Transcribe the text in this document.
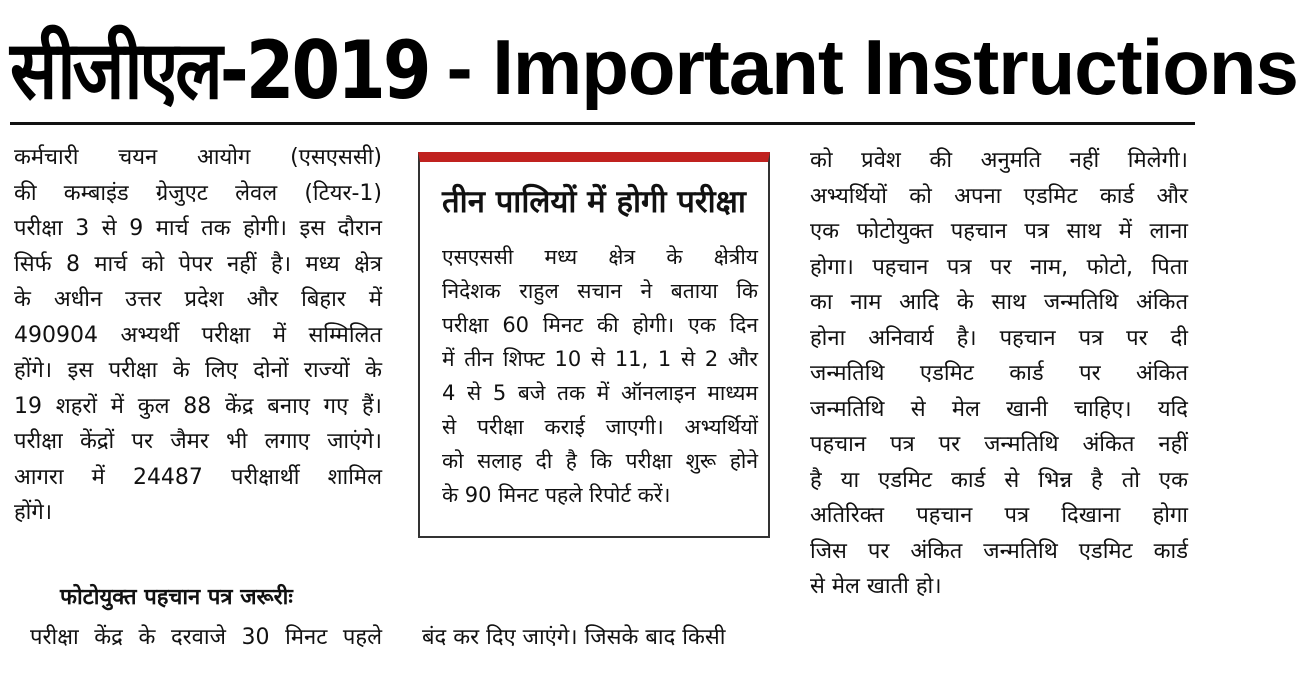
सीजीएल-2019 - Important Instructions
कर्मचारी चयन आयोग (एसएससी)
की कम्बाइंड ग्रेजुएट लेवल (टियर-1)
परीक्षा 3 से 9 मार्च तक होगी। इस दौरान
सिर्फ 8 मार्च को पेपर नहीं है। मध्य क्षेत्र
के अधीन उत्तर प्रदेश और बिहार में
490904 अभ्यर्थी परीक्षा में सम्मिलित
होंगे। इस परीक्षा के लिए दोनों राज्यों के
19 शहरों में कुल 88 केंद्र बनाए गए हैं।
परीक्षा केंद्रों पर जैमर भी लगाए जाएंगे।
आगरा में 24487 परीक्षार्थी शामिल
होंगे।
फोटोयुक्त पहचान पत्र जरूरीः
परीक्षा केंद्र के दरवाजे 30 मिनट पहले
तीन पालियों में होगी परीक्षा
एसएससी मध्य क्षेत्र के क्षेत्रीय
निदेशक राहुल सचान ने बताया कि
परीक्षा 60 मिनट की होगी। एक दिन
में तीन शिफ्ट 10 से 11, 1 से 2 और
4 से 5 बजे तक में ऑनलाइन माध्यम
से परीक्षा कराई जाएगी। अभ्यर्थियों
को सलाह दी है कि परीक्षा शुरू होने
के 90 मिनट पहले रिपोर्ट करें।
बंद कर दिए जाएंगे। जिसके बाद किसी
को प्रवेश की अनुमति नहीं मिलेगी।
अभ्यर्थियों को अपना एडमिट कार्ड और
एक फोटोयुक्त पहचान पत्र साथ में लाना
होगा। पहचान पत्र पर नाम, फोटो, पिता
का नाम आदि के साथ जन्मतिथि अंकित
होना अनिवार्य है। पहचान पत्र पर दी
जन्मतिथि एडमिट कार्ड पर अंकित
जन्मतिथि से मेल खानी चाहिए। यदि
पहचान पत्र पर जन्मतिथि अंकित नहीं
है या एडमिट कार्ड से भिन्न है तो एक
अतिरिक्त पहचान पत्र दिखाना होगा
जिस पर अंकित जन्मतिथि एडमिट कार्ड
से मेल खाती हो।
